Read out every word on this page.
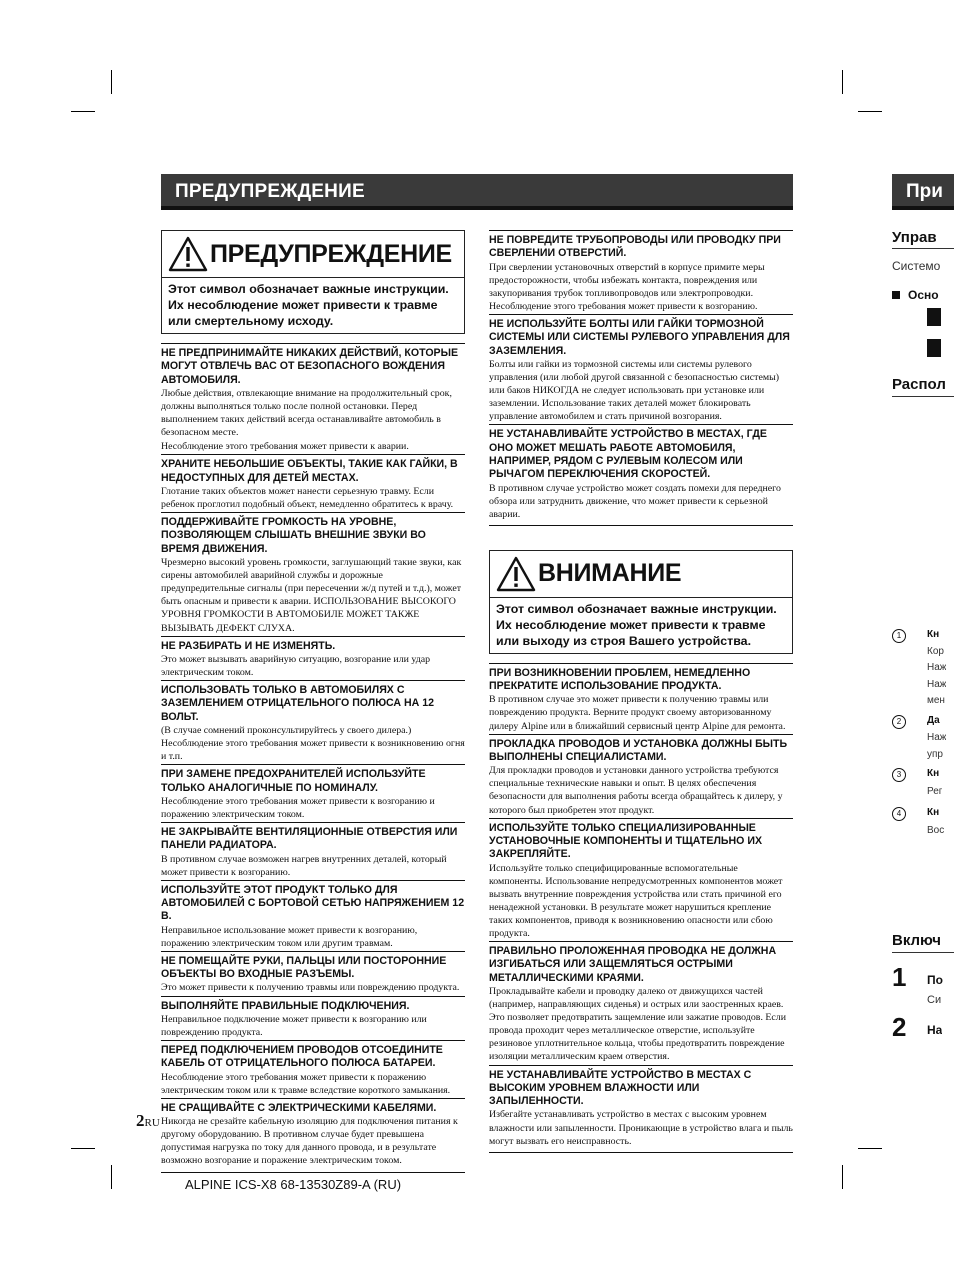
ПРЕДУПРЕЖДЕНИЕ	При
ПРЕДУПРЕЖДЕНИЕ
Этот символ обозначает важные инструкции. Их несоблюдение может привести к травме или смертельному исходу.
НЕ ПРЕДПРИНИМАЙТЕ НИКАКИХ ДЕЙСТВИЙ, КОТОРЫЕ МОГУТ ОТВЛЕЧЬ ВАС ОТ БЕЗОПАСНОГО ВОЖДЕНИЯ АВТОМОБИЛЯ.
Любые действия, отвлекающие внимание на продолжительный срок, должны выполняться только после полной остановки. Перед выполнением таких действий всегда останавливайте автомобиль в безопасном месте.
Несоблюдение этого требования может привести к аварии.
ХРАНИТЕ НЕБОЛЬШИЕ ОБЪЕКТЫ, ТАКИЕ КАК ГАЙКИ, В НЕДОСТУПНЫХ ДЛЯ ДЕТЕЙ МЕСТАХ.
Глотание таких объектов может нанести серьезную травму. Если ребенок проглотил подобный объект, немедленно обратитесь к врачу.
ПОДДЕРЖИВАЙТЕ ГРОМКОСТЬ НА УРОВНЕ, ПОЗВОЛЯЮЩЕМ СЛЫШАТЬ ВНЕШНИЕ ЗВУКИ ВО ВРЕМЯ ДВИЖЕНИЯ.
Чрезмерно высокий уровень громкости, заглушающий такие звуки, как сирены автомобилей аварийной службы и дорожные предупредительные сигналы (при пересечении ж/д путей и т.д.), может быть опасным и привести к аварии. ИСПОЛЬЗОВАНИЕ ВЫСОКОГО УРОВНЯ ГРОМКОСТИ В АВТОМОБИЛЕ МОЖЕТ ТАКЖЕ ВЫЗЫВАТЬ ДЕФЕКТ СЛУХА.
НЕ РАЗБИРАТЬ И НЕ ИЗМЕНЯТЬ.
Это может вызывать аварийную ситуацию, возгорание или удар электрическим током.
ИСПОЛЬЗОВАТЬ ТОЛЬКО В АВТОМОБИЛЯХ С ЗАЗЕМЛЕНИЕМ ОТРИЦАТЕЛЬНОГО ПОЛЮСА НА 12 ВОЛЬТ.
(В случае сомнений проконсультируйтесь у своего дилера.) Несоблюдение этого требования может привести к возникновению огня и т.п.
ПРИ ЗАМЕНЕ ПРЕДОХРАНИТЕЛЕЙ ИСПОЛЬЗУЙТЕ ТОЛЬКО АНАЛОГИЧНЫЕ ПО НОМИНАЛУ.
Несоблюдение этого требования может привести к возгоранию и поражению электрическим током.
НЕ ЗАКРЫВАЙТЕ ВЕНТИЛЯЦИОННЫЕ ОТВЕРСТИЯ ИЛИ ПАНЕЛИ РАДИАТОРА.
В противном случае возможен нагрев внутренних деталей, который может привести к возгоранию.
ИСПОЛЬЗУЙТЕ ЭТОТ ПРОДУКТ ТОЛЬКО ДЛЯ АВТОМОБИЛЕЙ С БОРТОВОЙ СЕТЬЮ НАПРЯЖЕНИЕМ 12 В.
Неправильное использование может привести к возгоранию, поражению электрическим током или другим травмам.
НЕ ПОМЕЩАЙТЕ РУКИ, ПАЛЬЦЫ ИЛИ ПОСТОРОННИЕ ОБЪЕКТЫ ВО ВХОДНЫЕ РАЗЪЕМЫ.
Это может привести к получению травмы или повреждению продукта.
ВЫПОЛНЯЙТЕ ПРАВИЛЬНЫЕ ПОДКЛЮЧЕНИЯ.
Неправильное подключение может привести к возгоранию или повреждению продукта.
ПЕРЕД ПОДКЛЮЧЕНИЕМ ПРОВОДОВ ОТСОЕДИНИТЕ КАБЕЛЬ ОТ ОТРИЦАТЕЛЬНОГО ПОЛЮСА БАТАРЕИ.
Несоблюдение этого требования может привести к поражению электрическим током или к травме вследствие короткого замыкания.
НЕ СРАЩИВАЙТЕ С ЭЛЕКТРИЧЕСКИМИ КАБЕЛЯМИ.
Никогда не срезайте кабельную изоляцию для подключения питания к другому оборудованию. В противном случае будет превышена допустимая нагрузка по току для данного провода, и в результате возможно возгорание и поражение электрическим током.
НЕ ПОВРЕДИТЕ ТРУБОПРОВОДЫ ИЛИ ПРОВОДКУ ПРИ СВЕРЛЕНИИ ОТВЕРСТИЙ.
При сверлении установочных отверстий в корпусе примите меры предосторожности, чтобы избежать контакта, повреждения или закупоривания трубок топливопроводов или электропроводки. Несоблюдение этого требования может привести к возгоранию.
НЕ ИСПОЛЬЗУЙТЕ БОЛТЫ ИЛИ ГАЙКИ ТОРМОЗНОЙ СИСТЕМЫ ИЛИ СИСТЕМЫ РУЛЕВОГО УПРАВЛЕНИЯ ДЛЯ ЗАЗЕМЛЕНИЯ.
Болты или гайки из тормозной системы или системы рулевого управления (или любой другой связанной с безопасностью системы) или баков НИКОГДА не следует использовать при установке или заземлении. Использование таких деталей может блокировать управление автомобилем и стать причиной возгорания.
НЕ УСТАНАВЛИВАЙТЕ УСТРОЙСТВО В МЕСТАХ, ГДЕ ОНО МОЖЕТ МЕШАТЬ РАБОТЕ АВТОМОБИЛЯ, НАПРИМЕР, РЯДОМ С РУЛЕВЫМ КОЛЕСОМ ИЛИ РЫЧАГОМ ПЕРЕКЛЮЧЕНИЯ СКОРОСТЕЙ.
В противном случае устройство может создать помехи для переднего обзора или затруднить движение, что может привести к серьезной аварии.
ВНИМАНИЕ
Этот символ обозначает важные инструкции. Их несоблюдение может привести к травме или выходу из строя Вашего устройства.
ПРИ ВОЗНИКНОВЕНИИ ПРОБЛЕМ, НЕМЕДЛЕННО ПРЕКРАТИТЕ ИСПОЛЬЗОВАНИЕ ПРОДУКТА.
В противном случае это может привести к получению травмы или повреждению продукта. Верните продукт своему авторизованному дилеру Alpine или в ближайший сервисный центр Alpine для ремонта.
ПРОКЛАДКА ПРОВОДОВ И УСТАНОВКА ДОЛЖНЫ БЫТЬ ВЫПОЛНЕНЫ СПЕЦИАЛИСТАМИ.
Для прокладки проводов и установки данного устройства требуются специальные технические навыки и опыт. В целях обеспечения безопасности для выполнения работы всегда обращайтесь к дилеру, у которого был приобретен этот продукт.
ИСПОЛЬЗУЙТЕ ТОЛЬКО СПЕЦИАЛИЗИРОВАННЫЕ УСТАНОВОЧНЫЕ КОМПОНЕНТЫ И ТЩАТЕЛЬНО ИХ ЗАКРЕПЛЯЙТЕ.
Используйте только специфицированные вспомогательные компоненты. Использование непредусмотренных компонентов может вызвать внутренние повреждения устройства или стать причиной его ненадежной установки. В результате может нарушиться крепление таких компонентов, приводя к возникновению опасности или сбою продукта.
ПРАВИЛЬНО ПРОЛОЖЕННАЯ ПРОВОДКА НЕ ДОЛЖНА ИЗГИБАТЬСЯ ИЛИ ЗАЩЕМЛЯТЬСЯ ОСТРЫМИ МЕТАЛЛИЧЕСКИМИ КРАЯМИ.
Прокладывайте кабели и проводку далеко от движущихся частей (например, направляющих сиденья) и острых или заостренных краев. Это позволяет предотвратить защемление или зажатие проводов. Если провода проходит через металлическое отверстие, используйте резиновое уплотнительное кольца, чтобы предотвратить повреждение изоляции металлическим краем отверстия.
НЕ УСТАНАВЛИВАЙТЕ УСТРОЙСТВО В МЕСТАХ С ВЫСОКИМ УРОВНЕМ ВЛАЖНОСТИ ИЛИ ЗАПЫЛЕННОСТИ.
Избегайте устанавливать устройство в местах с высоким уровнем влажности или запыленности. Проникающие в устройство влага и пыль могут вызвать его неисправность.
2RU
ALPINE ICS-X8 68-13530Z89-A (RU)
Управ
Системо
Осно
Распол
1	Кн
Кор
Наж
Наж
мен
2	Да
Наж
упр
3	Кн
Рег
4	Кн
Вос
Включ
1 По
Си
2 На
